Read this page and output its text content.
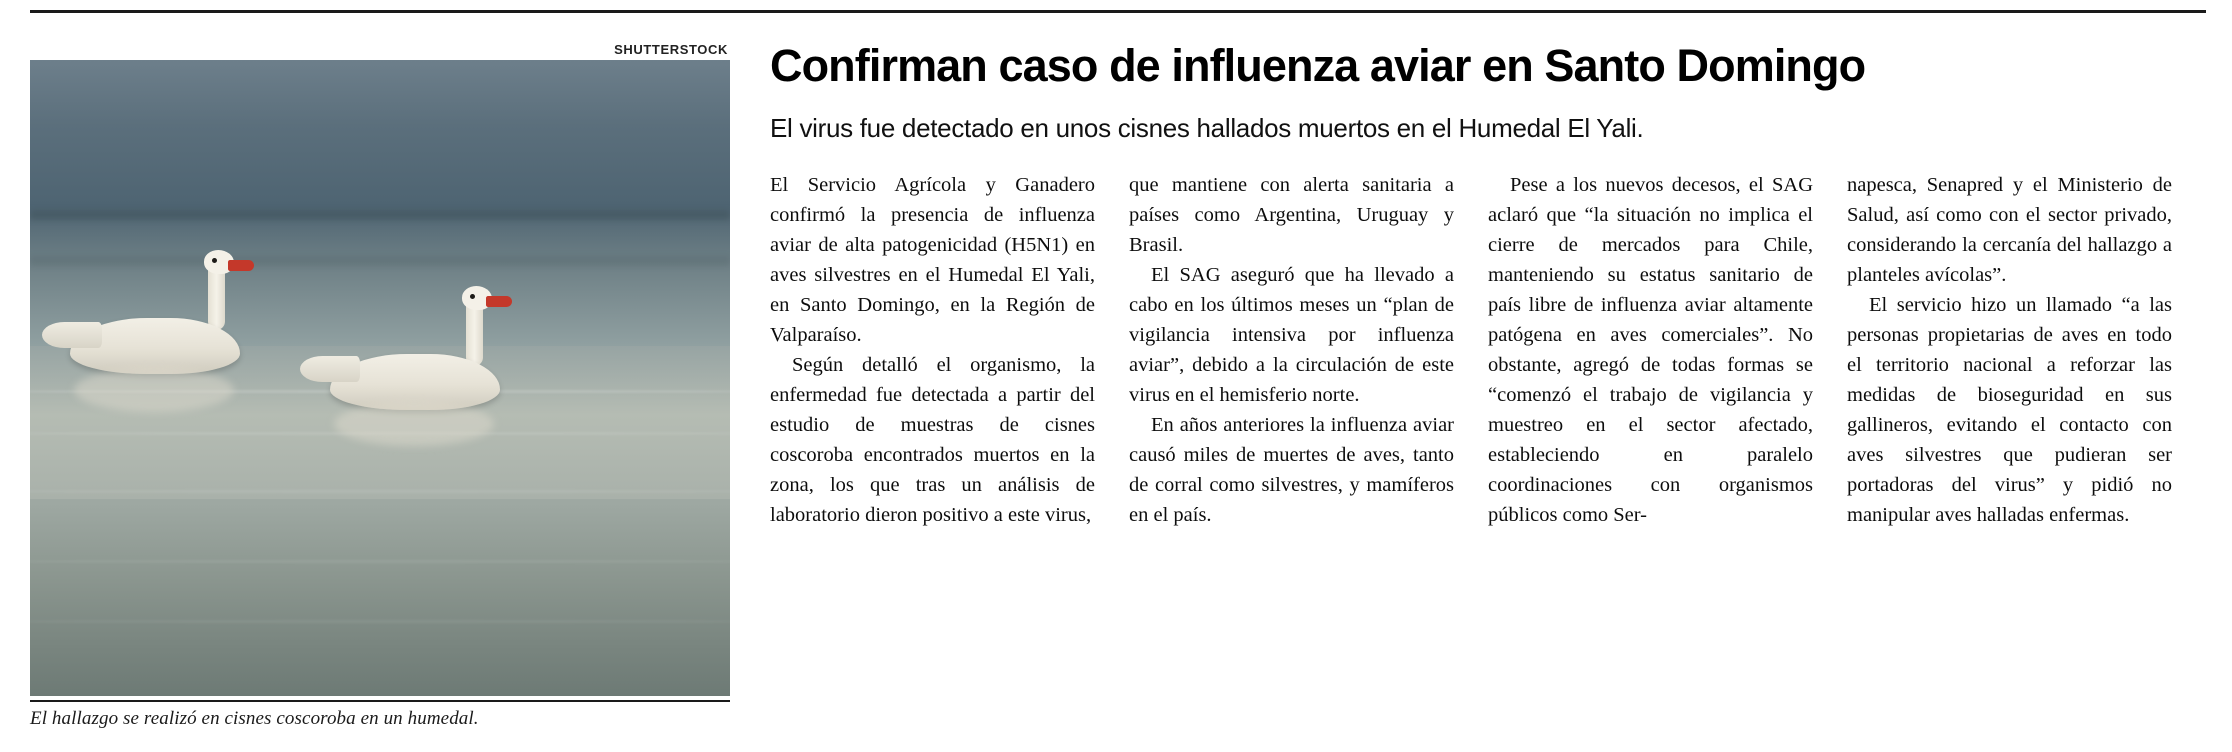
SHUTTERSTOCK
El hallazgo se realizó en cisnes coscoroba en un humedal.
Confirman caso de influenza aviar en Santo Domingo
El virus fue detectado en unos cisnes hallados muertos en el Humedal El Yali.

El Servicio Agrícola y Ganadero confirmó la presencia de influenza aviar de alta patogenicidad (H5N1) en aves silvestres en el Humedal El Yali, en Santo Domingo, en la Región de Valparaíso.

Según detalló el organismo, la enfermedad fue detectada a partir del estudio de muestras de cisnes coscoroba encontrados muertos en la zona, los que tras un análisis de laboratorio dieron positivo a este virus,

que mantiene con alerta sanitaria a países como Argentina, Uruguay y Brasil.

El SAG aseguró que ha llevado a cabo en los últimos meses un “plan de vigilancia intensiva por influenza aviar”, debido a la circulación de este virus en el hemisferio norte.

En años anteriores la influenza aviar causó miles de muertes de aves, tanto de corral como silvestres, y mamíferos en el país.

Pese a los nuevos decesos, el SAG aclaró que “la situación no implica el cierre de mercados para Chile, manteniendo su estatus sanitario de país libre de influenza aviar altamente patógena en aves comerciales”. No obstante, agregó de todas formas se “comenzó el trabajo de vigilancia y muestreo en el sector afectado, estableciendo en paralelo coordinaciones con organismos públicos como Ser-

napesca, Senapred y el Ministerio de Salud, así como con el sector privado, considerando la cercanía del hallazgo a planteles avícolas”.

El servicio hizo un llamado “a las personas propietarias de aves en todo el territorio nacional a reforzar las medidas de bioseguridad en sus gallineros, evitando el contacto con aves silvestres que pudieran ser portadoras del virus” y pidió no manipular aves halladas enfermas.
